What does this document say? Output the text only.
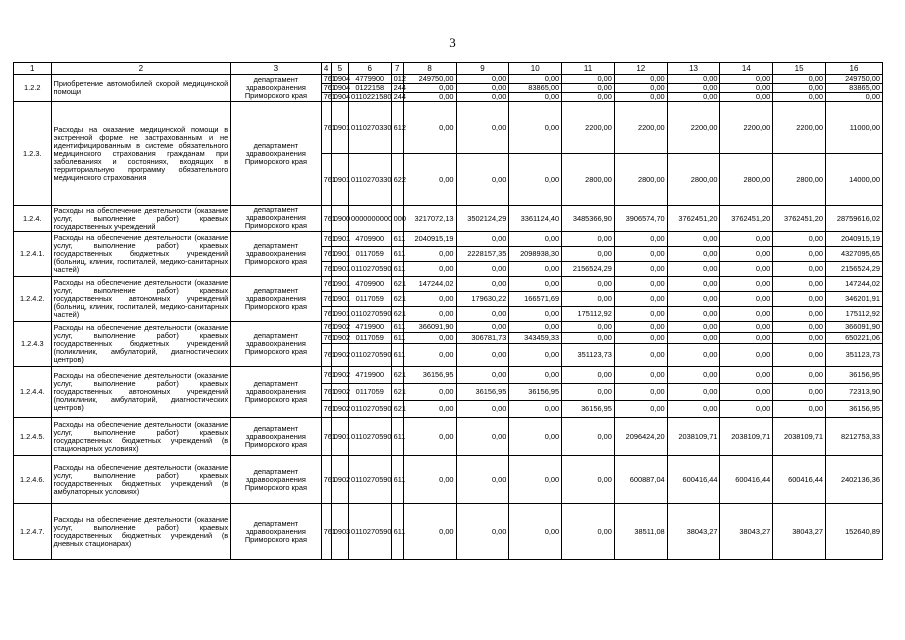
3
1	2	3	4	5	6	7	8	9	10	11	12	13	14	15	16
1.2.2	Приобретение автомобилей скорой медицинской помощи	департамент здравоохранения Приморского края	761	0904	4779900	012	249750,00	0,00	0,00	0,00	0,00	0,00	0,00	0,00	249750,00
			761	0904	0122158	244	0,00	0,00	83865,00	0,00	0,00	0,00	0,00	0,00	83865,00
			761	0904	0110221580	244	0,00	0,00	0,00	0,00	0,00	0,00	0,00	0,00	0,00
1.2.3.	Расходы на оказание медицинской помощи в экстренной форме не застрахованным и не идентифицированным в системе обязательного медицинского страхования гражданам при заболеваниях и состояниях, входящих в территориальную программу обязательного медицинского страхования	департамент здравоохранения Приморского края	761	0901	0110270330	612	0,00	0,00	0,00	2200,00	2200,00	2200,00	2200,00	2200,00	11000,00
			761	0901	0110270330	622	0,00	0,00	0,00	2800,00	2800,00	2800,00	2800,00	2800,00	14000,00
1.2.4.	Расходы на обеспечение деятельности (оказание услуг, выполнение работ) краевых государственных учреждений	департамент здравоохранения Приморского края	761	0900	0000000000	000	3217072,13	3502124,29	3361124,40	3485366,90	3906574,70	3762451,20	3762451,20	3762451,20	28759616,02
1.2.4.1.	Расходы на обеспечение деятельности (оказание услуг, выполнение работ) краевых государственных бюджетных учреждений (больниц, клиник, госпиталей, медико-санитарных частей)	департамент здравоохранения Приморского края	761	0901	4709900	611	2040915,19	0,00	0,00	0,00	0,00	0,00	0,00	0,00	2040915,19
			761	0901	0117059	611	0,00	2228157,35	2098938,30	0,00	0,00	0,00	0,00	0,00	4327095,65
			761	0901	0110270590	611	0,00	0,00	0,00	2156524,29	0,00	0,00	0,00	0,00	2156524,29
1.2.4.2.	Расходы на обеспечение деятельности (оказание услуг, выполнение работ) краевых государственных автономных учреждений (больниц, клиник, госпиталей, медико-санитарных частей)	департамент здравоохранения Приморского края	761	0901	4709900	621	147244,02	0,00	0,00	0,00	0,00	0,00	0,00	0,00	147244,02
			761	0901	0117059	621	0,00	179630,22	166571,69	0,00	0,00	0,00	0,00	0,00	346201,91
			761	0901	0110270590	621	0,00	0,00	0,00	175112,92	0,00	0,00	0,00	0,00	175112,92
1.2.4.3	Расходы на обеспечение деятельности (оказание услуг, выполнение работ) краевых государственных бюджетных учреждений (поликлиник, амбулаторий, диагностических центров)	департамент здравоохранения Приморского края	761	0902	4719900	611	366091,90	0,00	0,00	0,00	0,00	0,00	0,00	0,00	366091,90
			761	0902	0117059	611	0,00	306781,73	343459,33	0,00	0,00	0,00	0,00	0,00	650221,06
			761	0902	0110270590	611	0,00	0,00	0,00	351123,73	0,00	0,00	0,00	0,00	351123,73
1.2.4.4.	Расходы на обеспечение деятельности (оказание услуг, выполнение работ) краевых государственных автономных учреждений (поликлиник, амбулаторий, диагностических центров)	департамент здравоохранения Приморского края	761	0902	4719900	621	36156,95	0,00	0,00	0,00	0,00	0,00	0,00	0,00	36156,95
			761	0902	0117059	621	0,00	36156,95	36156,95	0,00	0,00	0,00	0,00	0,00	72313,90
			761	0902	0110270590	621	0,00	0,00	0,00	36156,95	0,00	0,00	0,00	0,00	36156,95
1.2.4.5.	Расходы на обеспечение деятельности (оказание услуг, выполнение работ) краевых государственных бюджетных учреждений (в стационарных условиях)	департамент здравоохранения Приморского края	761	0901	0110270590	611	0,00	0,00	0,00	0,00	2096424,20	2038109,71	2038109,71	2038109,71	8212753,33
1.2.4.6.	Расходы на обеспечение деятельности (оказание услуг, выполнение работ) краевых государственных бюджетных учреждений (в амбулаторных условиях)	департамент здравоохранения Приморского края	761	0902	0110270590	611	0,00	0,00	0,00	0,00	600887,04	600416,44	600416,44	600416,44	2402136,36
1.2.4.7.	Расходы на обеспечение деятельности (оказание услуг, выполнение работ) краевых государственных бюджетных учреждений (в дневных стационарах)	департамент здравоохранения Приморского края	761	0903	0110270590	611	0,00	0,00	0,00	0,00	38511,08	38043,27	38043,27	38043,27	152640,89
